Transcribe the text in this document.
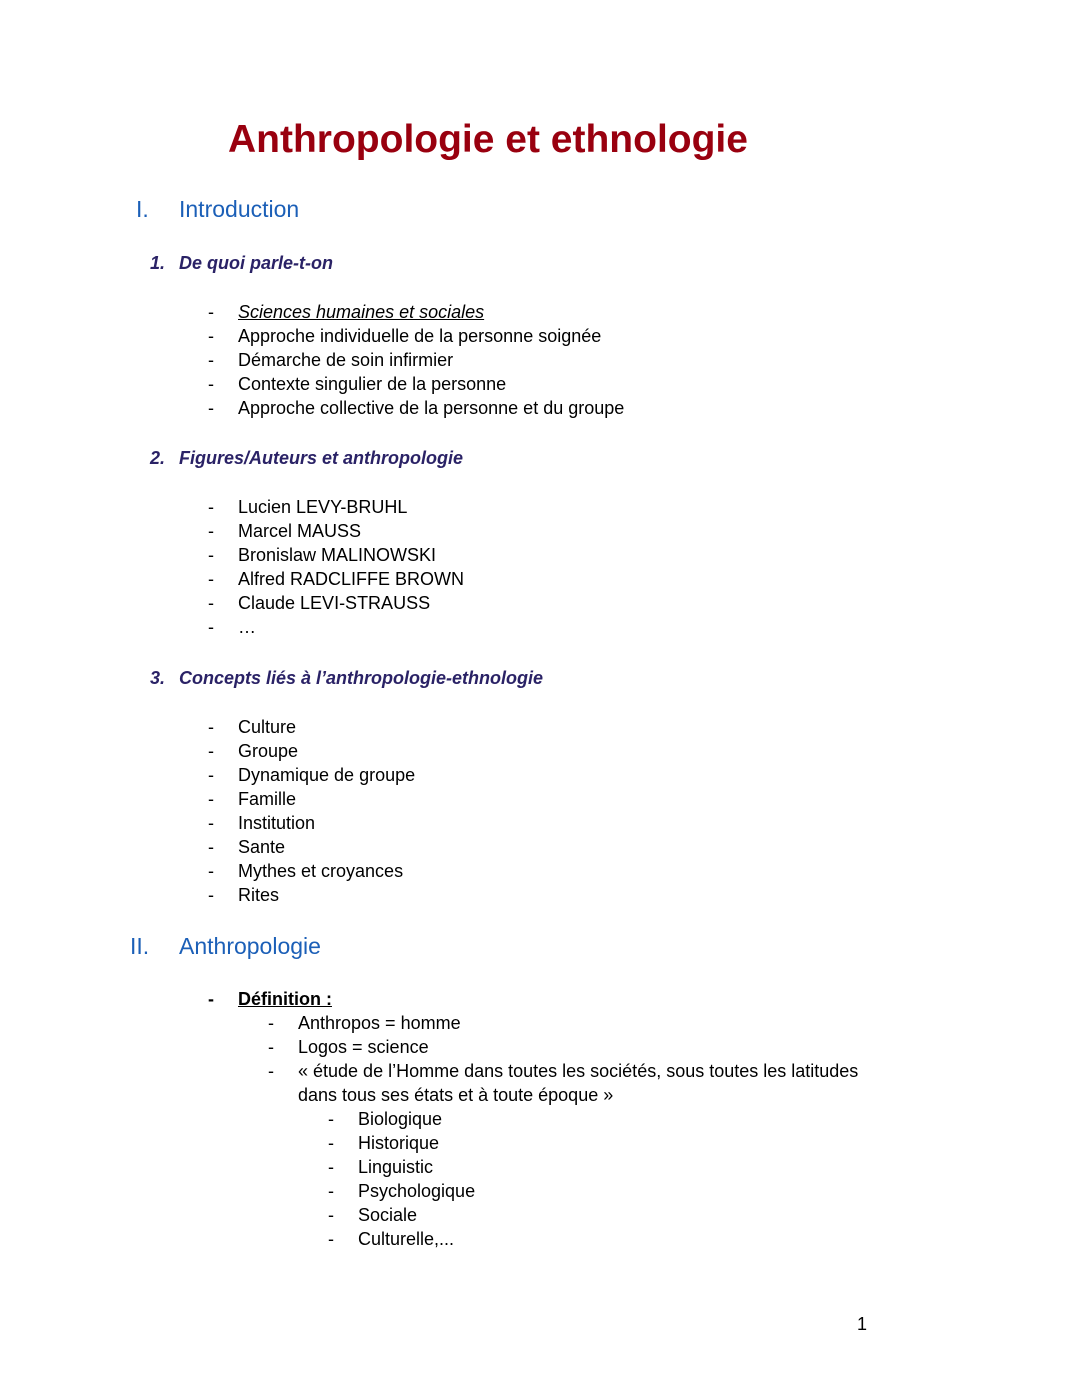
Anthropologie et ethnologie
I. Introduction
1. De quoi parle-t-on
- Sciences humaines et sociales
- Approche individuelle de la personne soignée
- Démarche de soin infirmier
- Contexte singulier de la personne
- Approche collective de la personne et du groupe
2. Figures/Auteurs et anthropologie
- Lucien LEVY-BRUHL
- Marcel MAUSS
- Bronislaw MALINOWSKI
- Alfred RADCLIFFE BROWN
- Claude LEVI-STRAUSS
- …
3. Concepts liés à l’anthropologie-ethnologie
- Culture
- Groupe
- Dynamique de groupe
- Famille
- Institution
- Sante
- Mythes et croyances
- Rites
II. Anthropologie
- Définition :
- Anthropos = homme
- Logos = science
- « étude de l’Homme dans toutes les sociétés, sous toutes les latitudes
dans tous ses états et à toute époque »
- Biologique
- Historique
- Linguistic
- Psychologique
- Sociale
- Culturelle,...
1
